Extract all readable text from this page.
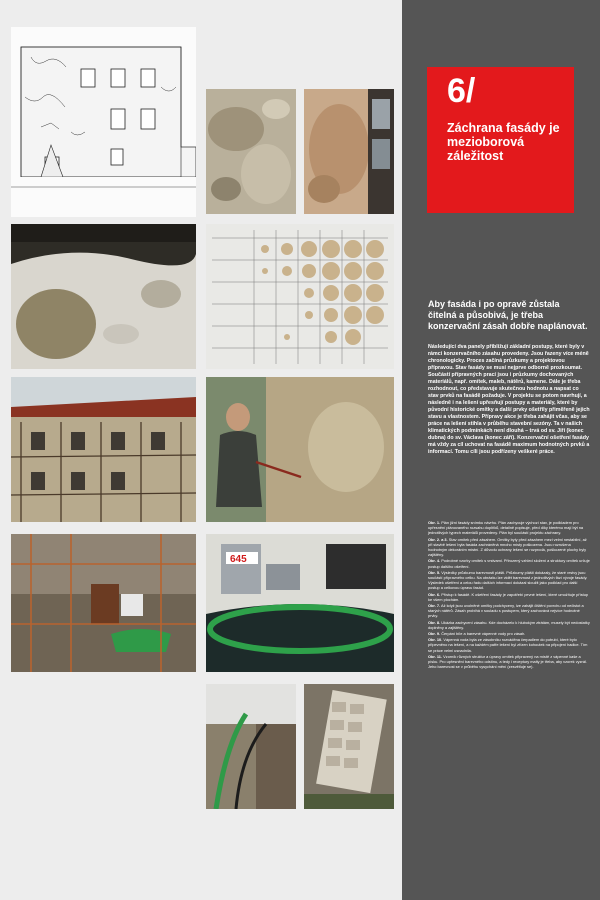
645
6/
Záchrana fasády je mezioborová záležitost
Aby fasáda i po opravě zůstala čitelná a působivá, je třeba konzervační zásah dobře naplánovat.
Následující dva panely přibližují základní postupy, které byly v rámci konzervačního zásahu provedeny. Jsou řazeny více méně chronologicky. Proces začíná průzkumy a projektovou přípravou. Stav fasády se musí nejprve odborně prozkoumat. Součástí přípravných prací jsou i průzkumy dochovaných materiálů, např. omítek, maleb, nátěrů, kamene. Dále je třeba rozhodnout, co představuje skutečnou hodnotu a napsat co stav prvků na fasádě požaduje. V projektu se potom navrhují, a následně i na lešení upřesňují postupy a materiály, které by původní historické omítky a další prvky ošetřily přiměřeně jejich stavu a vlastnostem. Přípravy akce je třeba zahájit včas, aby se práce na lešení stihla v průběhu stavební sezóny. Ta v našich klimatických podmínkách není dlouhá – trvá od sv. Jiří (konec dubna) do sv. Václava (konec září). Konzervační ošetření fasády má vždy za cíl uchovat na fasádě maximum hodnotných prvků a informací. Tomu cíli jsou podřízeny veškeré práce.

Obr. 1. Plán jižní fasády snímku návrhu. Plán zachycuje výchozí stav, je podkladem pro upřesnění plánovaného rozsahu doplňků, detailně popisuje, před díky kterému mají být na jednotlivých typech materiálů provedeny. Plán byl součástí projektu záchrany.

Obr. 2. a 3. Stav omítek před zásahem. Omítky byly před zásahem mezi velmi nestabilní, až při stavbě lešení byla fasáda zachráněná mnoho místy poškozena. Jsou rozrušena hodnotným dekoráním místní. Z důvodu ochrany lešení se rozprodá, poškozené plochy byly zajištěny.

Obr. 4. Podrobné vzorky omítek s vrstvami. Přirozený vzhled složení a struktury omítek určuje postup dalšího ošetření.

Obr. 5. Výsledky průzkumu barevnosti plášti. Průzkumy plášti dokázaly, že staré vrstvy jsou součástí přípravného celku. Na obrázku lze vidět barevnost z jednotlivých fází vývoje fasády. Výsledek ošetření a celou řadu dalších informací dokázal sloužit jako podklad pro další postup a celkovou úpravu fasád.

Obr. 6. Přístup k fasádě. K ošetření fasády je zapotřebí pevné lešení, které umožňuje přístup ke všem plochám.

Obr. 7. Až když jsou uvolněné omítky podchyceny, lze zahájit čištění povrchu od nečistot a starých nátěrů. Zásah probíhá v souladu s postupem, který zachovává nejvíce hodnotné prvky.

Obr. 8. Ukázka zachycení zásahu. Kde docházelo k hlubokým ztrátám, musely být nedostatky doplněny a zajištěny.

Obr. 9. Čerpání bíle a barevné vápenné vody pro zásah.

Obr. 10. Vápenná voda byla ze zásobníku rozváděna čerpadlem do potrubí, které bylo připevněno na lešení, a na každém patře lešení byl zřízen kohoutek na připojení hadice. Tím se práce velmi usnadnila.

Obr. 11. Vzorník různých struktur a úpravy omítek připravený na místě z vápenné kaše a písku. Pro upřesnění barevného odstínu, a tedy i receptury malty je třeba, aby vzorek vyzrál. Jeho barevnost se v průběhu vysychání mění (zesvětluje se).
